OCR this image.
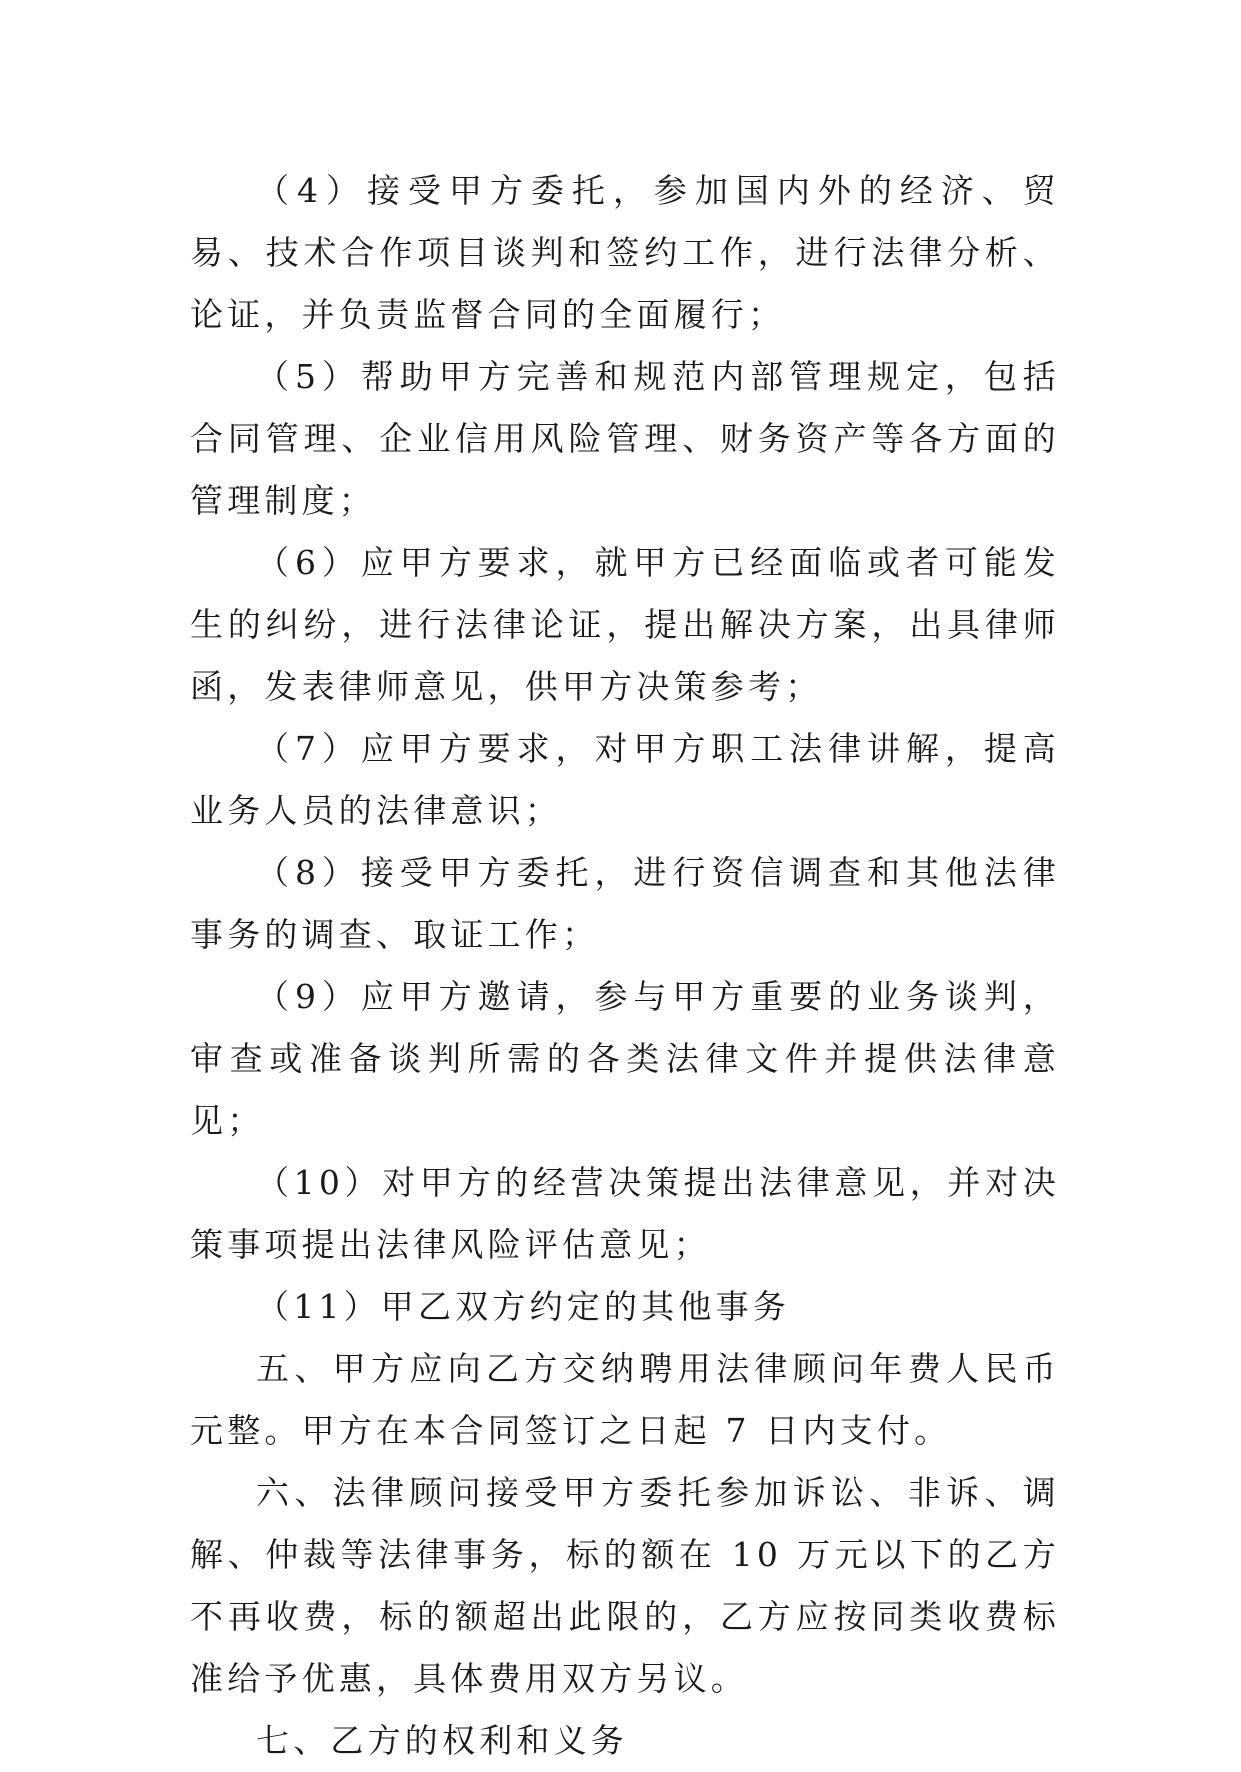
（4）接受甲方委托，参加国内外的经济、贸易、技术合作项目谈判和签约工作，进行法律分析、论证，并负责监督合同的全面履行；

（5）帮助甲方完善和规范内部管理规定，包括合同管理、企业信用风险管理、财务资产等各方面的管理制度；

（6）应甲方要求，就甲方已经面临或者可能发生的纠纷，进行法律论证，提出解决方案，出具律师函，发表律师意见，供甲方决策参考；

（7）应甲方要求，对甲方职工法律讲解，提高业务人员的法律意识；

（8）接受甲方委托，进行资信调查和其他法律事务的调查、取证工作；

（9）应甲方邀请，参与甲方重要的业务谈判，审查或准备谈判所需的各类法律文件并提供法律意见；

（10）对甲方的经营决策提出法律意见，并对决策事项提出法律风险评估意见；

（11）甲乙双方约定的其他事务

五、甲方应向乙方交纳聘用法律顾问年费人民币元整。甲方在本合同签订之日起 7 日内支付。

六、法律顾问接受甲方委托参加诉讼、非诉、调解、仲裁等法律事务，标的额在 10 万元以下的乙方不再收费，标的额超出此限的，乙方应按同类收费标准给予优惠，具体费用双方另议。

七、乙方的权利和义务
